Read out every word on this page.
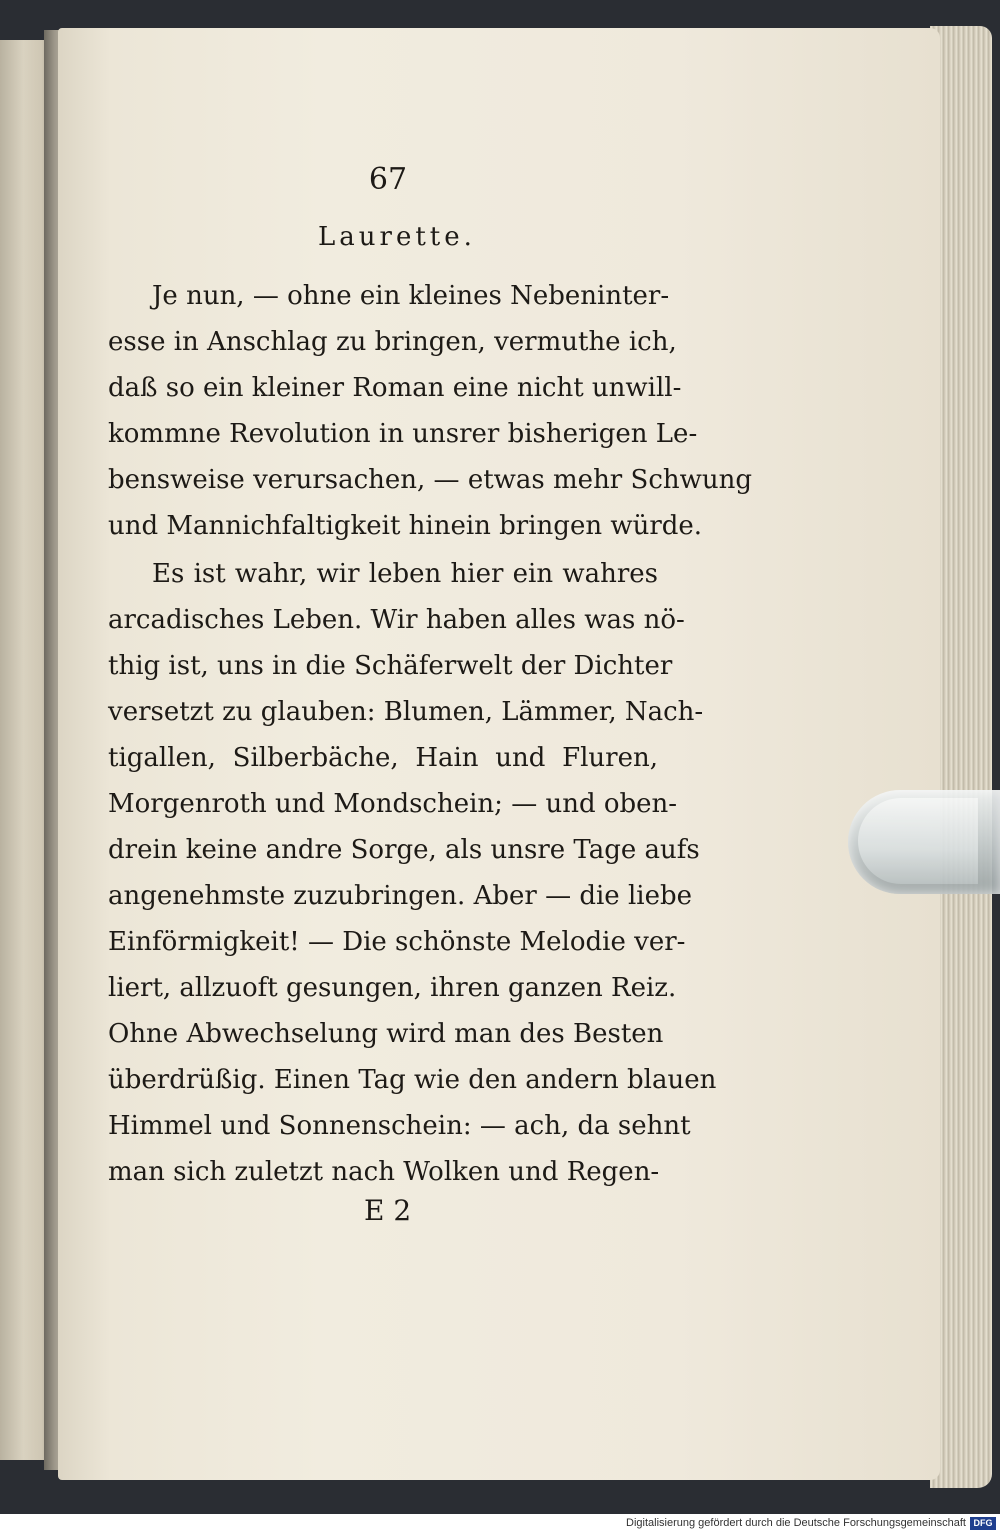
67
Laurette.
Je nun, — ohne ein kleines Nebeninter-
esse in Anschlag zu bringen, vermuthe ich,
daß so ein kleiner Roman eine nicht unwill-
kommne Revolution in unsrer bisherigen Le-
bensweise verursachen, — etwas mehr Schwung
und Mannichfaltigkeit hinein bringen würde.
Es ist wahr, wir leben hier ein wahres
arcadisches Leben. Wir haben alles was nö-
thig ist, uns in die Schäferwelt der Dichter
versetzt zu glauben: Blumen, Lämmer, Nach-
tigallen, Silberbäche, Hain und Fluren,
Morgenroth und Mondschein; — und oben-
drein keine andre Sorge, als unsre Tage aufs
angenehmste zuzubringen. Aber — die liebe
Einförmigkeit! — Die schönste Melodie ver-
liert, allzuoft gesungen, ihren ganzen Reiz.
Ohne Abwechselung wird man des Besten
überdrüßig. Einen Tag wie den andern blauen
Himmel und Sonnenschein: — ach, da sehnt
man sich zuletzt nach Wolken und Regen-
E 2
Digitalisierung gefördert durch die Deutsche Forschungsgemeinschaft DFG
